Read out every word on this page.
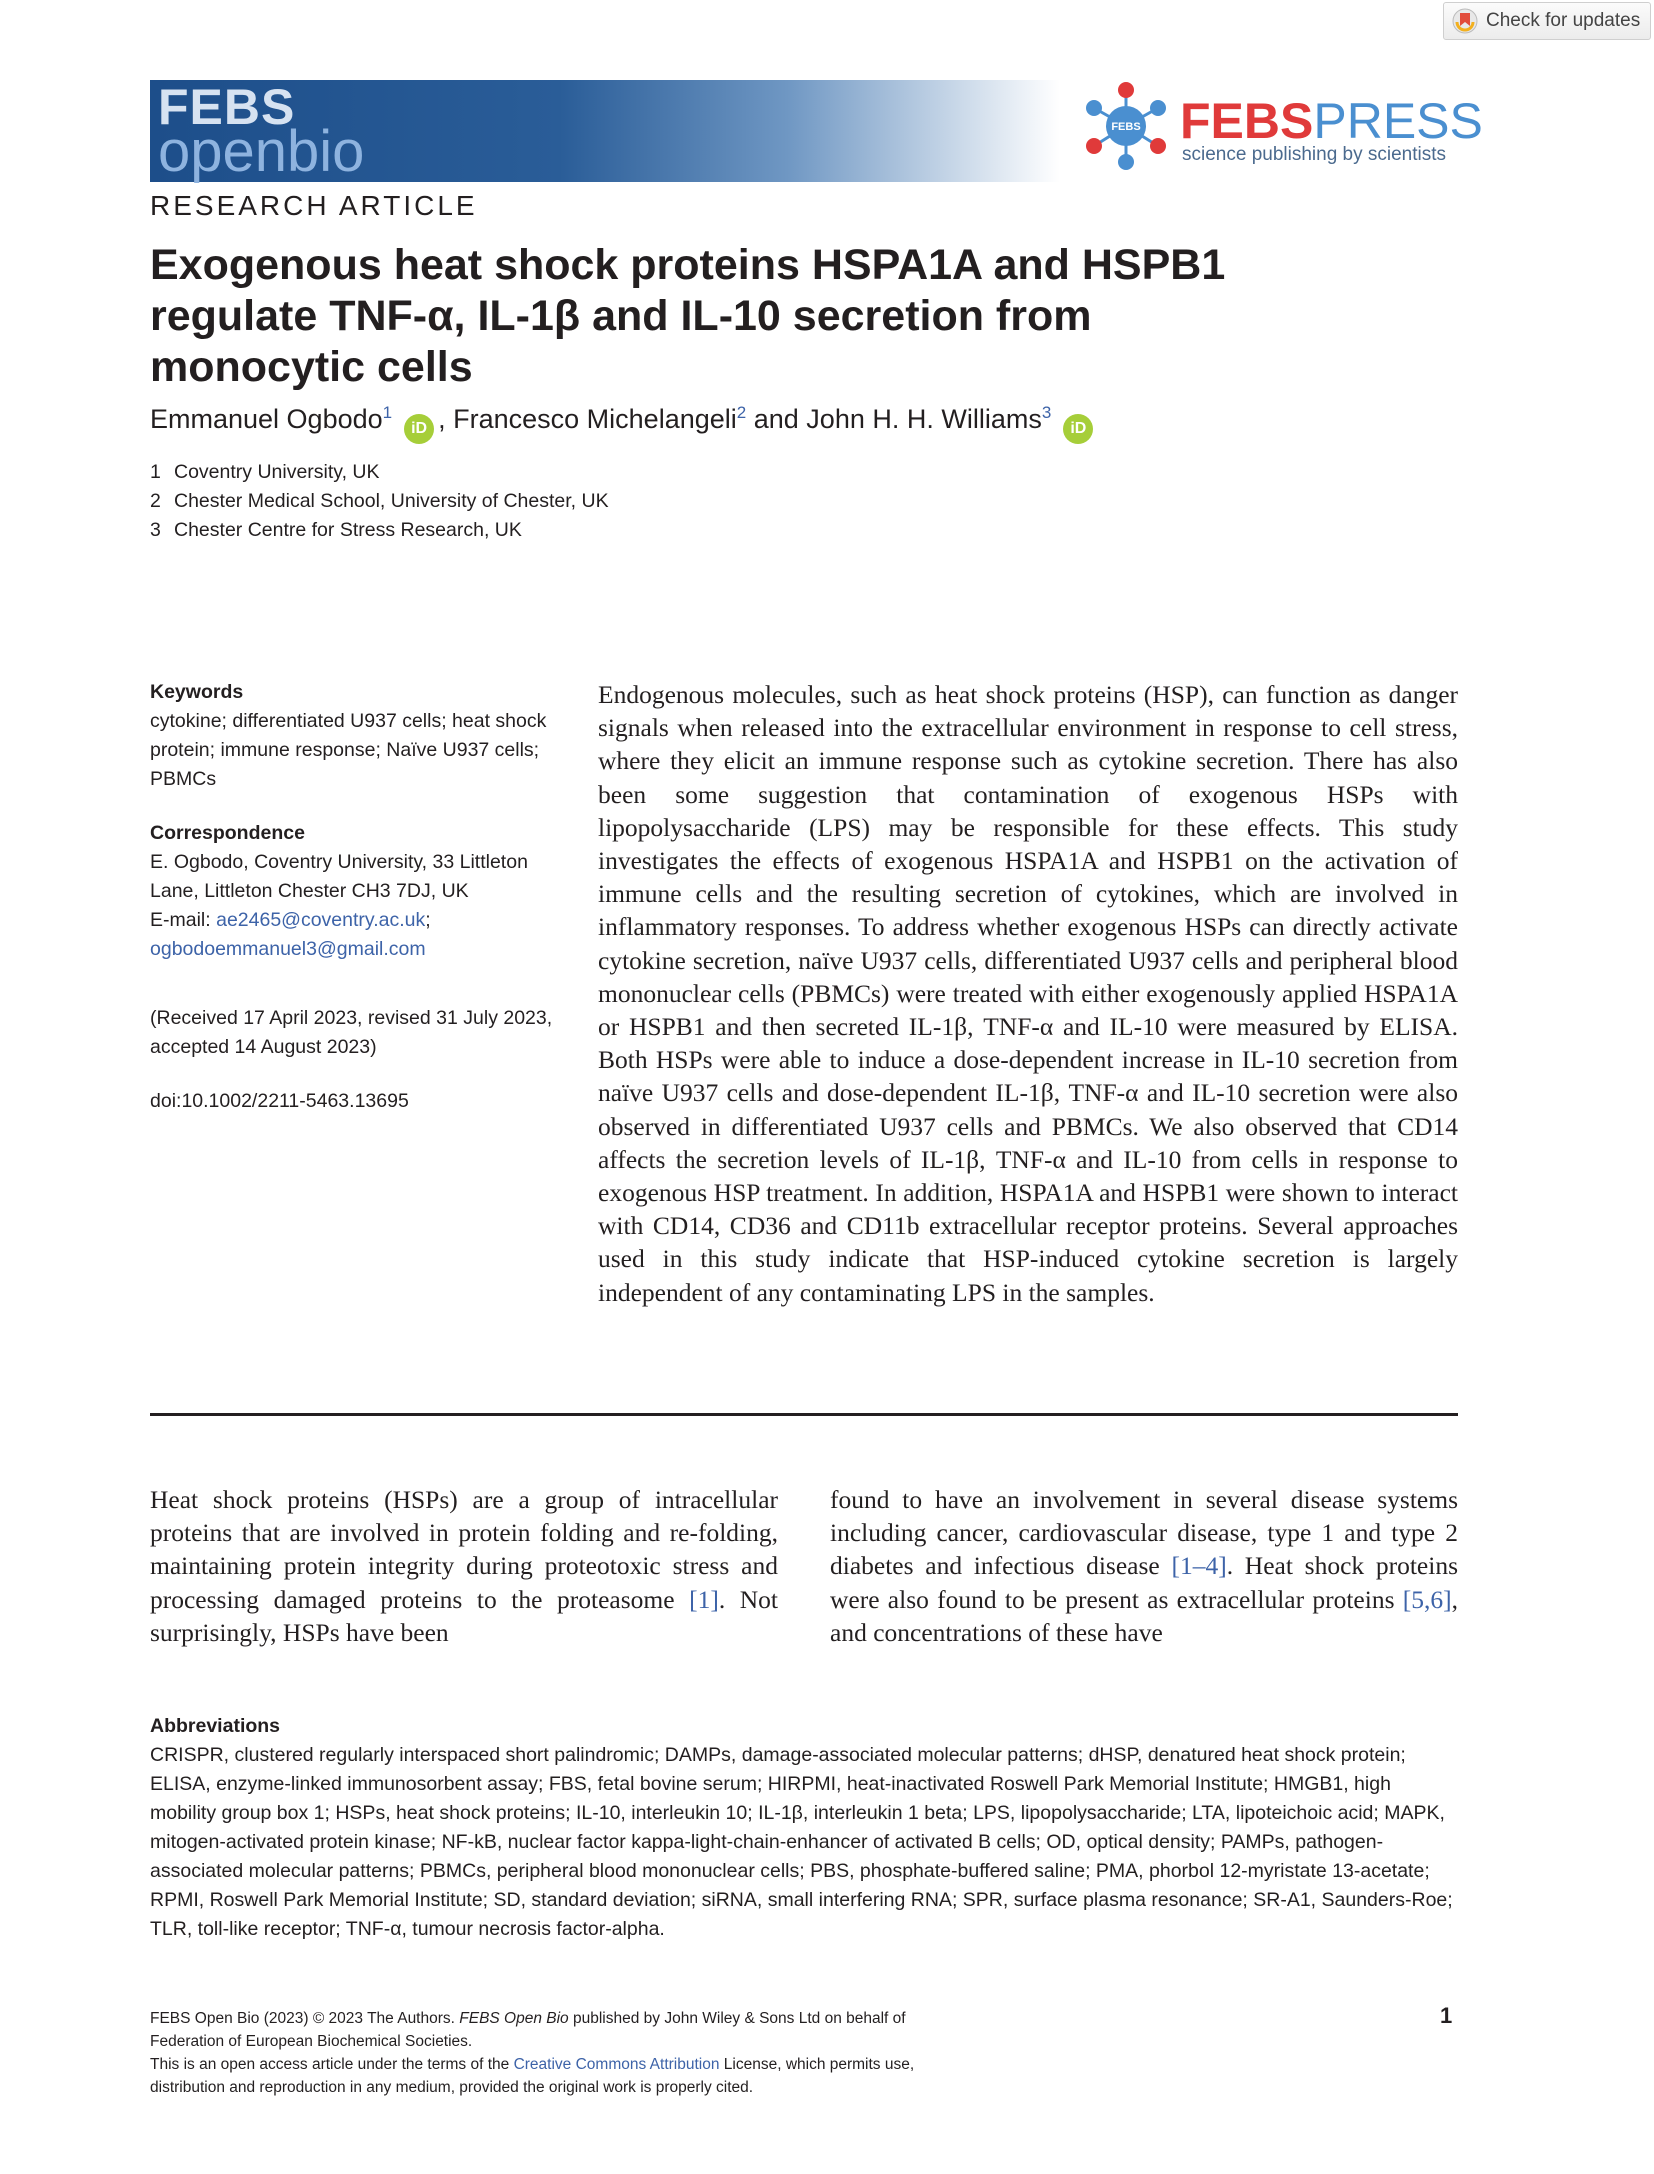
Check for updates
FEBS
openbio	FEBS FEBSPRESS
science publishing by scientists
RESEARCH ARTICLE
Exogenous heat shock proteins HSPA1A and HSPB1
regulate TNF-α, IL-1β and IL-10 secretion from
monocytic cells
Emmanuel Ogbodo$^1$iD , Francesco Michelangeli$^2$ and John H. H. Williams$^3$iD
1 Coventry University, UK
2 Chester Medical School, University of Chester, UK
3 Chester Centre for Stress Research, UK
Keywords
cytokine; differentiated U937 cells; heat shock protein; immune response; Naïve U937 cells; PBMCs
Correspondence
E. Ogbodo, Coventry University, 33 Littleton Lane, Littleton Chester CH3 7DJ, UK
E-mail: ae2465@coventry.ac.uk;
ogbodoemmanuel3@gmail.com
(Received 17 April 2023, revised 31 July 2023, accepted 14 August 2023)
doi:10.1002/2211-5463.13695

Endogenous molecules, such as heat shock proteins (HSP), can function as danger signals when released into the extracellular environment in response to cell stress, where they elicit an immune response such as cytokine secretion. There has also been some suggestion that contamination of exogenous HSPs with lipopolysaccharide (LPS) may be responsible for these effects. This study investigates the effects of exogenous HSPA1A and HSPB1 on the activation of immune cells and the resulting secretion of cytokines, which are involved in inflammatory responses. To address whether exogenous HSPs can directly activate cytokine secretion, naïve U937 cells, differentiated U937 cells and peripheral blood mononuclear cells (PBMCs) were treated with either exogenously applied HSPA1A or HSPB1 and then secreted IL-1β, TNF-α and IL-10 were measured by ELISA. Both HSPs were able to induce a dose-dependent increase in IL-10 secretion from naïve U937 cells and dose-dependent IL-1β, TNF-α and IL-10 secretion were also observed in differentiated U937 cells and PBMCs. We also observed that CD14 affects the secretion levels of IL-1β, TNF-α and IL-10 from cells in response to exogenous HSP treatment. In addition, HSPA1A and HSPB1 were shown to interact with CD14, CD36 and CD11b extracellular receptor proteins. Several approaches used in this study indicate that HSP-induced cytokine secretion is largely independent of any contaminating LPS in the samples.

Heat shock proteins (HSPs) are a group of intracellular proteins that are involved in protein folding and re-folding, maintaining protein integrity during proteotoxic stress and processing damaged proteins to the proteasome [1]. Not surprisingly, HSPs have been

found to have an involvement in several disease systems including cancer, cardiovascular disease, type 1 and type 2 diabetes and infectious disease [1–4]. Heat shock proteins were also found to be present as extracellular proteins [5,6], and concentrations of these have

Abbreviations
CRISPR, clustered regularly interspaced short palindromic; DAMPs, damage-associated molecular patterns; dHSP, denatured heat shock protein; ELISA, enzyme-linked immunosorbent assay; FBS, fetal bovine serum; HIRPMI, heat-inactivated Roswell Park Memorial Institute; HMGB1, high mobility group box 1; HSPs, heat shock proteins; IL-10, interleukin 10; IL-1β, interleukin 1 beta; LPS, lipopolysaccharide; LTA, lipoteichoic acid; MAPK, mitogen-activated protein kinase; NF-kB, nuclear factor kappa-light-chain-enhancer of activated B cells; OD, optical density; PAMPs, pathogen-associated molecular patterns; PBMCs, peripheral blood mononuclear cells; PBS, phosphate-buffered saline; PMA, phorbol 12-myristate 13-acetate; RPMI, Roswell Park Memorial Institute; SD, standard deviation; siRNA, small interfering RNA; SPR, surface plasma resonance; SR-A1, Saunders-Roe; TLR, toll-like receptor; TNF-α, tumour necrosis factor-alpha.
FEBS Open Bio (2023) © 2023 The Authors. FEBS Open Bio published by John Wiley & Sons Ltd on behalf of
Federation of European Biochemical Societies.
This is an open access article under the terms of the Creative Commons Attribution License, which permits use,
distribution and reproduction in any medium, provided the original work is properly cited.
1
